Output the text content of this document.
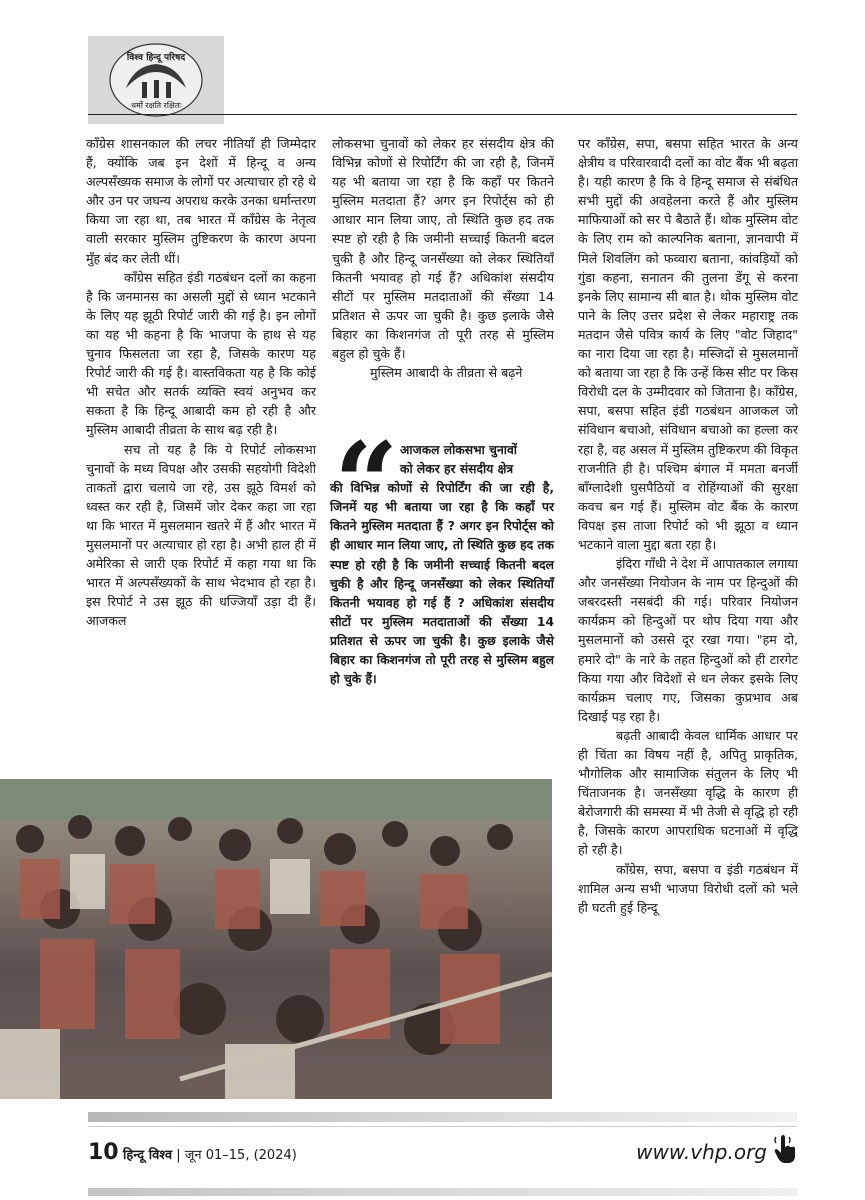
विश्व हिन्दू परिषद
धर्मो रक्षति रक्षितः

काँग्रेस शासनकाल की लचर नीतियाँ ही जिम्मेदार हैं, क्योंकि जब इन देशों में हिन्दू व अन्य अल्पसँख्यक समाज के लोगों पर अत्याचार हो रहे थे और उन पर जघन्य अपराध करके उनका धर्मान्तरण किया जा रहा था, तब भारत में काँग्रेस के नेतृत्व वाली सरकार मुस्लिम तुष्टिकरण के कारण अपना मुँह बंद कर लेती थीं।

काँग्रेस सहित इंडी गठबंधन दलों का कहना है कि जनमानस का असली मुद्दों से ध्यान भटकाने के लिए यह झूठी रिपोर्ट जारी की गई है। इन लोगों का यह भी कहना है कि भाजपा के हाथ से यह चुनाव फिसलता जा रहा है, जिसके कारण यह रिपोर्ट जारी की गई है। वास्तविकता यह है कि कोई भी सचेत और सतर्क व्यक्ति स्वयं अनुभव कर सकता है कि हिन्दू आबादी कम हो रही है और मुस्लिम आबादी तीव्रता के साथ बढ़ रही है।

सच तो यह है कि ये रिपोर्ट लोकसभा चुनावों के मध्य विपक्ष और उसकी सहयोगी विदेशी ताकतों द्वारा चलाये जा रहे, उस झूठे विमर्श को ध्वस्त कर रही है, जिसमें जोर देकर कहा जा रहा था कि भारत में मुसलमान खतरे में हैं और भारत में मुसलमानों पर अत्याचार हो रहा है। अभी हाल ही में अमेरिका से जारी एक रिपोर्ट में कहा गया था कि भारत में अल्पसँख्यकों के साथ भेदभाव हो रहा है। इस रिपोर्ट ने उस झूठ की धज्जियाँ उड़ा दी हैं। आजकल

लोकसभा चुनावों को लेकर हर संसदीय क्षेत्र की विभिन्न कोणों से रिपोर्टिंग की जा रही है, जिनमें यह भी बताया जा रहा है कि कहाँ पर कितने मुस्लिम मतदाता हैं? अगर इन रिपोर्ट्स को ही आधार मान लिया जाए, तो स्थिति कुछ हद तक स्पष्ट हो रही है कि जमीनी सच्चाई कितनी बदल चुकी है और हिन्दू जनसँख्या को लेकर स्थितियाँ कितनी भयावह हो गई हैं? अधिकांश संसदीय सीटों पर मुस्लिम मतदाताओं की सँख्या 14 प्रतिशत से ऊपर जा चुकी है। कुछ इलाके जैसे बिहार का किशनगंज तो पूरी तरह से मुस्लिम बहुल हो चुके हैं।

मुस्लिम आबादी के तीव्रता से बढ़ने

“ आजकल लोकसभा चुनावों
को लेकर हर संसदीय क्षेत्र
की विभिन्न कोणों से रिपोर्टिंग की जा रही है, जिनमें यह भी बताया जा रहा है कि कहाँ पर कितने मुस्लिम मतदाता हैं ? अगर इन रिपोर्ट्स को ही आधार मान लिया जाए, तो स्थिति कुछ हद तक स्पष्ट हो रही है कि जमीनी सच्चाई कितनी बदल चुकी है और हिन्दू जनसँख्या को लेकर स्थितियाँ कितनी भयावह हो गई हैं ? अधिकांश संसदीय सीटों पर मुस्लिम मतदाताओं की सँख्या 14 प्रतिशत से ऊपर जा चुकी है। कुछ इलाके जैसे बिहार का किशनगंज तो पूरी तरह से मुस्लिम बहुल हो चुके हैं।

पर काँग्रेस, सपा, बसपा सहित भारत के अन्य क्षेत्रीय व परिवारवादी दलों का वोट बैंक भी बढ़ता है। यही कारण है कि वे हिन्दू समाज से संबंधित सभी मुद्दों की अवहेलना करते हैं और मुस्लिम माफियाओं को सर पे बैठाते हैं। थोक मुस्लिम वोट के लिए राम को काल्पनिक बताना, ज्ञानवापी में मिले शिवलिंग को फव्वारा बताना, कांवड़ियों को गुंडा कहना, सनातन की तुलना डेंगू से करना इनके लिए सामान्य सी बात है। थोक मुस्लिम वोट पाने के लिए उत्तर प्रदेश से लेकर महाराष्ट्र तक मतदान जैसे पवित्र कार्य के लिए "वोट जिहाद" का नारा दिया जा रहा है। मस्जिदों से मुसलमानों को बताया जा रहा है कि उन्हें किस सीट पर किस विरोधी दल के उम्मीदवार को जिताना है। काँग्रेस, सपा, बसपा सहित इंडी गठबंधन आजकल जो संविधान बचाओ, संविधान बचाओ का हल्ला कर रहा है, वह असल में मुस्लिम तुष्टिकरण की विकृत राजनीति ही है। पश्चिम बंगाल में ममता बनर्जी बाँग्लादेशी घुसपैठियों व रोहिंग्याओं की सुरक्षा कवच बन गई हैं। मुस्लिम वोट बैंक के कारण विपक्ष इस ताजा रिपोर्ट को भी झूठा व ध्यान भटकाने वाला मुद्दा बता रहा है।

इंदिरा गाँधी ने देश में आपातकाल लगाया और जनसँख्या नियोजन के नाम पर हिन्दुओं की जबरदस्ती नसबंदी की गई। परिवार नियोजन कार्यक्रम को हिन्दुओं पर थोप दिया गया और मुसलमानों को उससे दूर रखा गया। "हम दो, हमारे दो" के नारे के तहत हिन्दुओं को ही टारगेट किया गया और विदेशों से धन लेकर इसके लिए कार्यक्रम चलाए गए, जिसका कुप्रभाव अब दिखाई पड़ रहा है।

बढ़ती आबादी केवल धार्मिक आधार पर ही चिंता का विषय नहीं है, अपितु प्राकृतिक, भौगोलिक और सामाजिक संतुलन के लिए भी चिंताजनक है। जनसँख्या वृद्धि के कारण ही बेरोजगारी की समस्या में भी तेजी से वृद्धि हो रही है, जिसके कारण आपराधिक घटनाओं में वृद्धि हो रही है।

काँग्रेस, सपा, बसपा व इंडी गठबंधन में शामिल अन्य सभी भाजपा विरोधी दलों को भले ही घटती हुई हिन्दू

10 हिन्दू विश्व | जून 01–15, (2024)	www.vhp.org
